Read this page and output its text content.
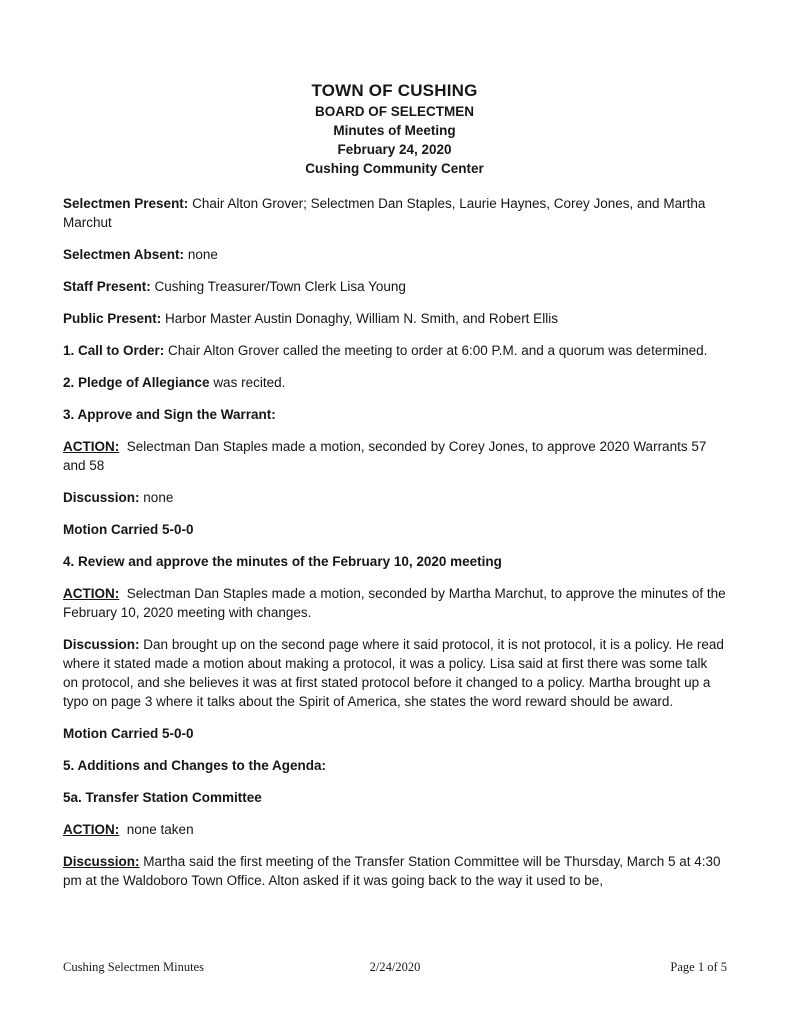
TOWN OF CUSHING
BOARD OF SELECTMEN
Minutes of Meeting
February 24, 2020
Cushing Community Center

Selectmen Present: Chair Alton Grover; Selectmen Dan Staples, Laurie Haynes, Corey Jones, and Martha Marchut

Selectmen Absent: none

Staff Present: Cushing Treasurer/Town Clerk Lisa Young

Public Present: Harbor Master Austin Donaghy, William N. Smith, and Robert Ellis

1. Call to Order: Chair Alton Grover called the meeting to order at 6:00 P.M. and a quorum was determined.

2. Pledge of Allegiance was recited.

3. Approve and Sign the Warrant:

ACTION: Selectman Dan Staples made a motion, seconded by Corey Jones, to approve 2020 Warrants 57 and 58

Discussion: none

Motion Carried 5-0-0

4. Review and approve the minutes of the February 10, 2020 meeting

ACTION: Selectman Dan Staples made a motion, seconded by Martha Marchut, to approve the minutes of the February 10, 2020 meeting with changes.

Discussion: Dan brought up on the second page where it said protocol, it is not protocol, it is a policy. He read where it stated made a motion about making a protocol, it was a policy. Lisa said at first there was some talk on protocol, and she believes it was at first stated protocol before it changed to a policy. Martha brought up a typo on page 3 where it talks about the Spirit of America, she states the word reward should be award.

Motion Carried 5-0-0

5. Additions and Changes to the Agenda:

5a. Transfer Station Committee

ACTION: none taken

Discussion: Martha said the first meeting of the Transfer Station Committee will be Thursday, March 5 at 4:30 pm at the Waldoboro Town Office. Alton asked if it was going back to the way it used to be,

2/24/2020
Cushing Selectmen Minutes	Page 1 of 5
